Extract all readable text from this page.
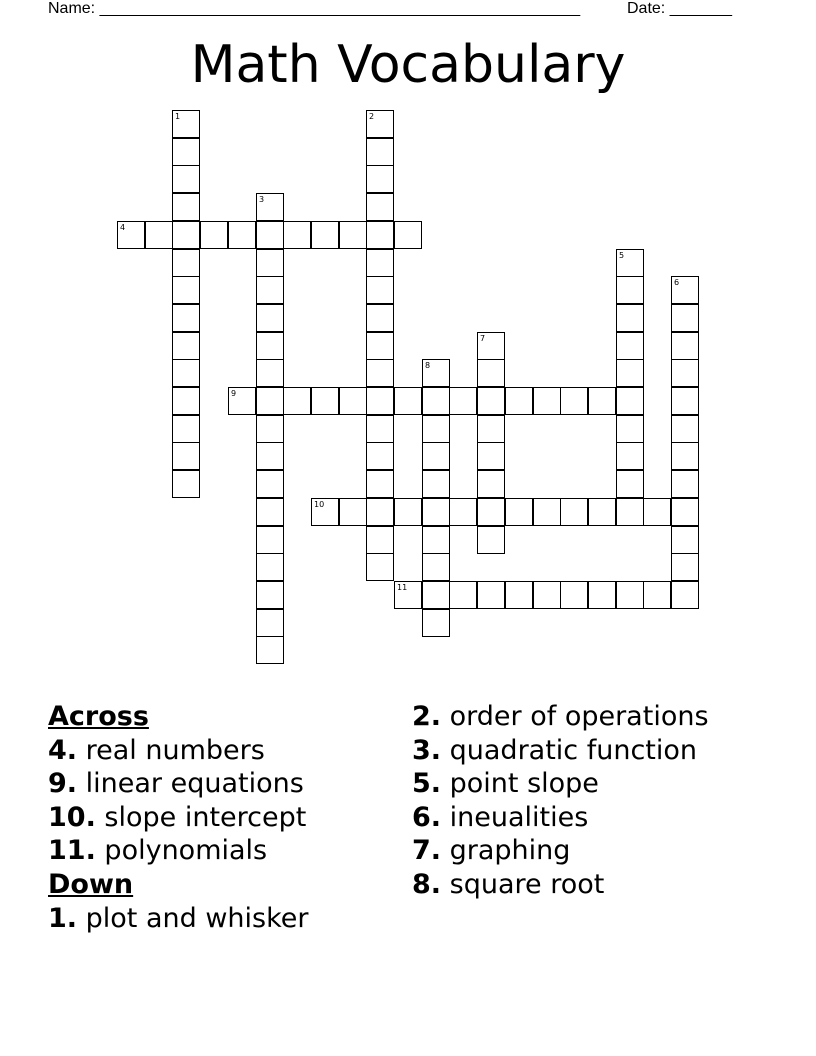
Name: ______________________________________________________	Date: _______
Math Vocabulary
1	2
3
4
5
6
7
8
9
10
11
Across
4. real numbers
9. linear equations
10. slope intercept
11. polynomials
Down
1. plot and whisker
2. order of operations
3. quadratic function
5. point slope
6. ineualities
7. graphing
8. square root
